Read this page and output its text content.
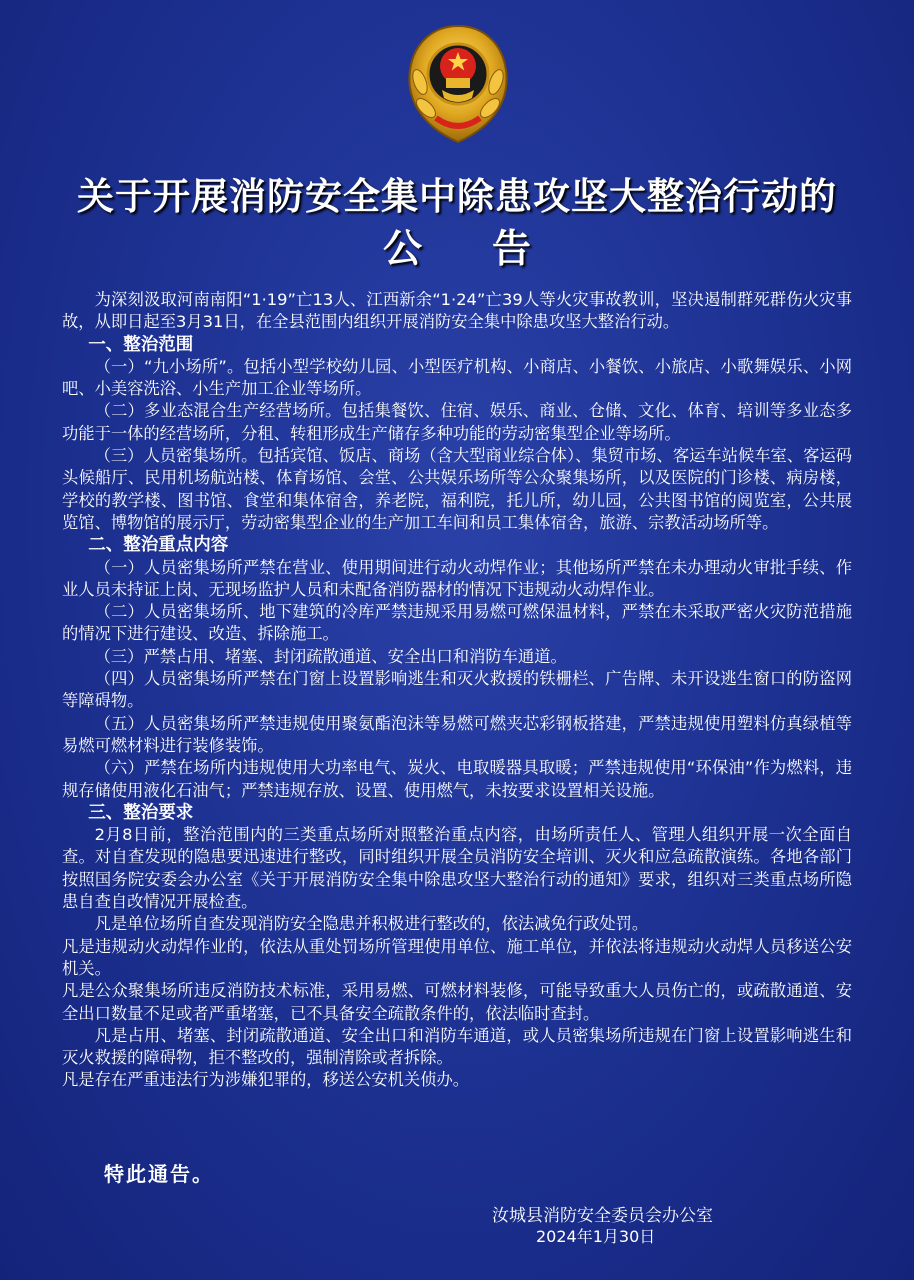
关于开展消防安全集中除患攻坚大整治行动的
公告

为深刻汲取河南南阳“1·19”亡13人、江西新余“1·24”亡39人等火灾事故教训，坚决遏制群死群伤火灾事故，从即日起至3月31日，在全县范围内组织开展消防安全集中除患攻坚大整治行动。

一、整治范围

（一）“九小场所”。包括小型学校幼儿园、小型医疗机构、小商店、小餐饮、小旅店、小歌舞娱乐、小网吧、小美容洗浴、小生产加工企业等场所。

（二）多业态混合生产经营场所。包括集餐饮、住宿、娱乐、商业、仓储、文化、体育、培训等多业态多功能于一体的经营场所，分租、转租形成生产储存多种功能的劳动密集型企业等场所。

（三）人员密集场所。包括宾馆、饭店、商场（含大型商业综合体）、集贸市场、客运车站候车室、客运码头候船厅、民用机场航站楼、体育场馆、会堂、公共娱乐场所等公众聚集场所，以及医院的门诊楼、病房楼，学校的教学楼、图书馆、食堂和集体宿舍，养老院，福利院，托儿所，幼儿园，公共图书馆的阅览室，公共展览馆、博物馆的展示厅，劳动密集型企业的生产加工车间和员工集体宿舍，旅游、宗教活动场所等。

二、整治重点内容

（一）人员密集场所严禁在营业、使用期间进行动火动焊作业；其他场所严禁在未办理动火审批手续、作业人员未持证上岗、无现场监护人员和未配备消防器材的情况下违规动火动焊作业。

（二）人员密集场所、地下建筑的冷库严禁违规采用易燃可燃保温材料，严禁在未采取严密火灾防范措施的情况下进行建设、改造、拆除施工。

（三）严禁占用、堵塞、封闭疏散通道、安全出口和消防车通道。

（四）人员密集场所严禁在门窗上设置影响逃生和灭火救援的铁栅栏、广告牌、未开设逃生窗口的防盗网等障碍物。

（五）人员密集场所严禁违规使用聚氨酯泡沫等易燃可燃夹芯彩钢板搭建，严禁违规使用塑料仿真绿植等易燃可燃材料进行装修装饰。

（六）严禁在场所内违规使用大功率电气、炭火、电取暖器具取暖；严禁违规使用“环保油”作为燃料，违规存储使用液化石油气；严禁违规存放、设置、使用燃气，未按要求设置相关设施。

三、整治要求

2月8日前，整治范围内的三类重点场所对照整治重点内容，由场所责任人、管理人组织开展一次全面自查。对自查发现的隐患要迅速进行整改，同时组织开展全员消防安全培训、灭火和应急疏散演练。各地各部门按照国务院安委会办公室《关于开展消防安全集中除患攻坚大整治行动的通知》要求，组织对三类重点场所隐患自查自改情况开展检查。

凡是单位场所自查发现消防安全隐患并积极进行整改的，依法减免行政处罚。

凡是违规动火动焊作业的，依法从重处罚场所管理使用单位、施工单位，并依法将违规动火动焊人员移送公安机关。

凡是公众聚集场所违反消防技术标准，采用易燃、可燃材料装修，可能导致重大人员伤亡的，或疏散通道、安全出口数量不足或者严重堵塞，已不具备安全疏散条件的，依法临时查封。

凡是占用、堵塞、封闭疏散通道、安全出口和消防车通道，或人员密集场所违规在门窗上设置影响逃生和灭火救援的障碍物，拒不整改的，强制清除或者拆除。

凡是存在严重违法行为涉嫌犯罪的，移送公安机关侦办。

特此通告。
汝城县消防安全委员会办公室
2024年1月30日
